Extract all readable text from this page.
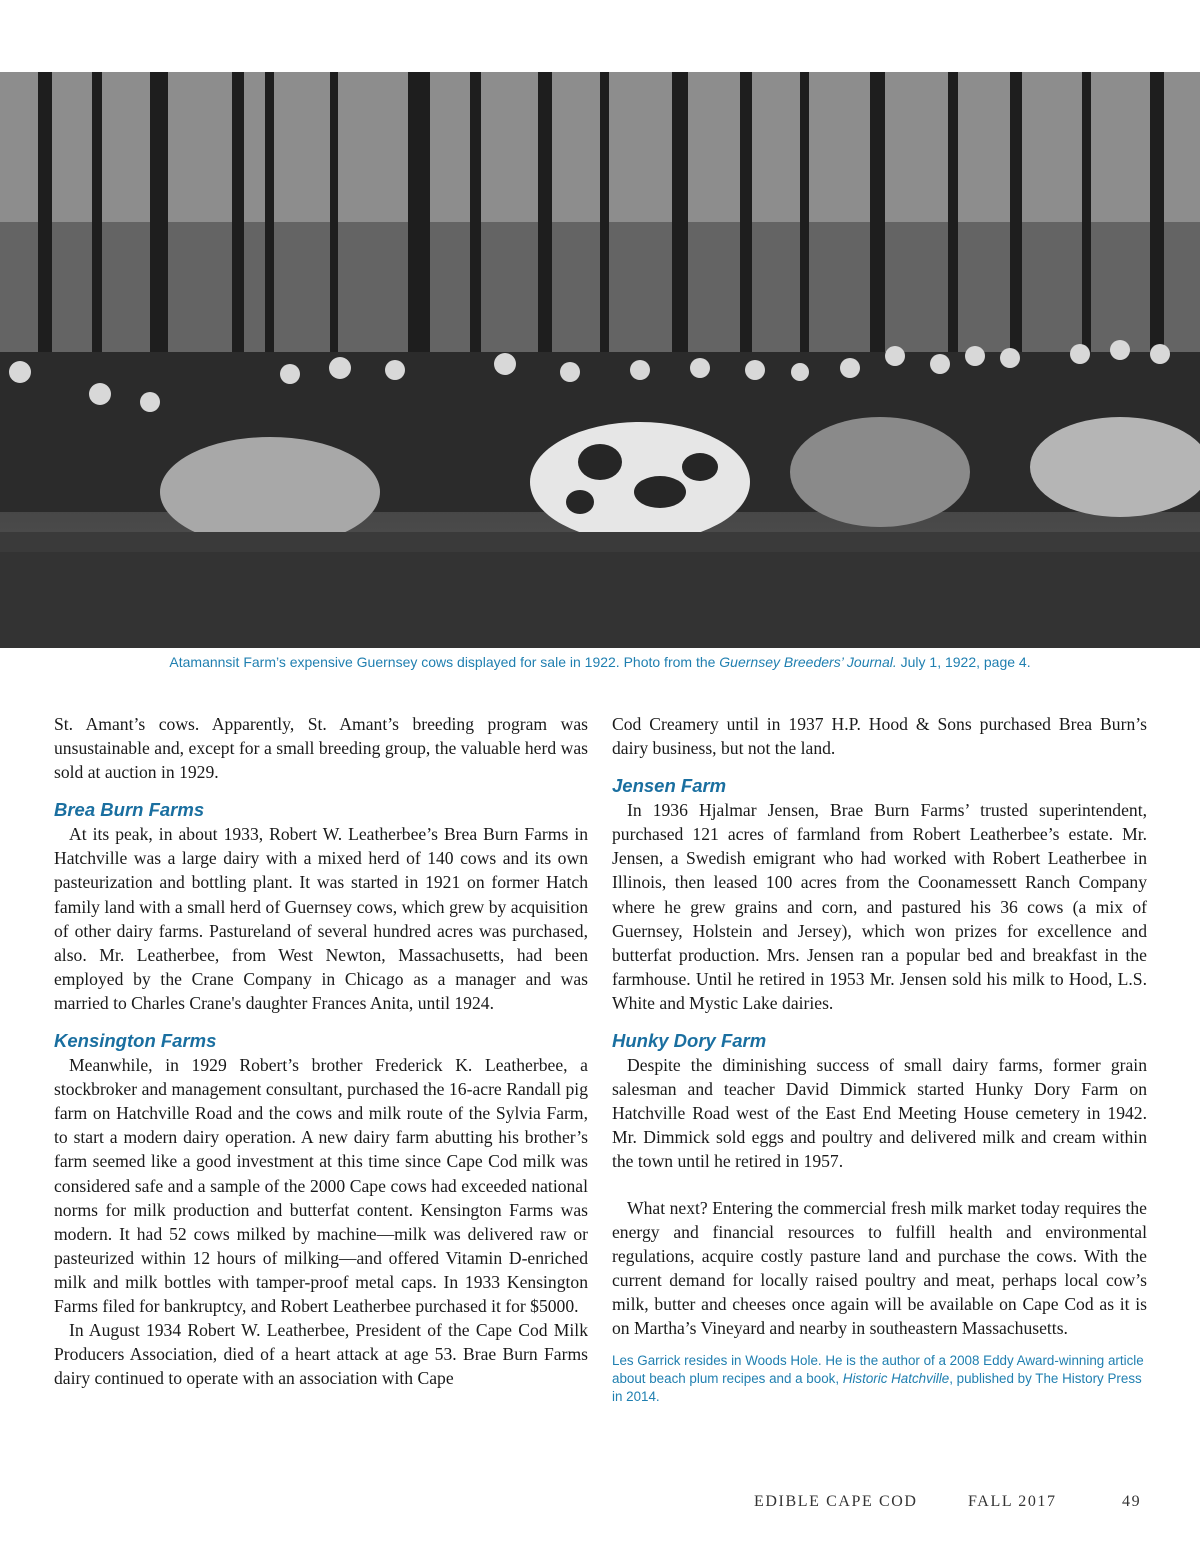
Atamannsit Farm’s expensive Guernsey cows displayed for sale in 1922. Photo from the Guernsey Breeders’ Journal. July 1, 1922, page 4.

St. Amant’s cows. Apparently, St. Amant’s breeding program was unsustainable and, except for a small breeding group, the valuable herd was sold at auction in 1929.

Brea Burn Farms

At its peak, in about 1933, Robert W. Leatherbee’s Brea Burn Farms in Hatchville was a large dairy with a mixed herd of 140 cows and its own pasteurization and bottling plant. It was started in 1921 on former Hatch family land with a small herd of Guernsey cows, which grew by acquisition of other dairy farms. Pastureland of several hundred acres was purchased, also. Mr. Leatherbee, from West Newton, Massachusetts, had been employed by the Crane Company in Chicago as a manager and was married to Charles Crane's daughter Frances Anita, until 1924.

Kensington Farms

Meanwhile, in 1929 Robert’s brother Frederick K. Leatherbee, a stockbroker and management consultant, purchased the 16-acre Randall pig farm on Hatchville Road and the cows and milk route of the Sylvia Farm, to start a modern dairy operation. A new dairy farm abutting his brother’s farm seemed like a good investment at this time since Cape Cod milk was considered safe and a sample of the 2000 Cape cows had exceeded national norms for milk production and butterfat content. Kensington Farms was modern. It had 52 cows milked by machine—milk was delivered raw or pasteurized within 12 hours of milking—and offered Vitamin D-enriched milk and milk bottles with tamper-proof metal caps. In 1933 Kensington Farms filed for bankruptcy, and Robert Leatherbee purchased it for $5000.

In August 1934 Robert W. Leatherbee, President of the Cape Cod Milk Producers Association, died of a heart attack at age 53. Brae Burn Farms dairy continued to operate with an association with Cape

Cod Creamery until in 1937 H.P. Hood & Sons purchased Brea Burn’s dairy business, but not the land.

Jensen Farm

In 1936 Hjalmar Jensen, Brae Burn Farms’ trusted superintendent, purchased 121 acres of farmland from Robert Leatherbee’s estate. Mr. Jensen, a Swedish emigrant who had worked with Robert Leatherbee in Illinois, then leased 100 acres from the Coonamessett Ranch Company where he grew grains and corn, and pastured his 36 cows (a mix of Guernsey, Holstein and Jersey), which won prizes for excellence and butterfat production. Mrs. Jensen ran a popular bed and breakfast in the farmhouse. Until he retired in 1953 Mr. Jensen sold his milk to Hood, L.S. White and Mystic Lake dairies.

Hunky Dory Farm

Despite the diminishing success of small dairy farms, former grain salesman and teacher David Dimmick started Hunky Dory Farm on Hatchville Road west of the East End Meeting House cemetery in 1942. Mr. Dimmick sold eggs and poultry and delivered milk and cream within the town until he retired in 1957.

What next? Entering the commercial fresh milk market today requires the energy and financial resources to fulfill health and environmental regulations, acquire costly pasture land and purchase the cows. With the current demand for locally raised poultry and meat, perhaps local cow’s milk, butter and cheeses once again will be available on Cape Cod as it is on Martha’s Vineyard and nearby in southeastern Massachusetts.

Les Garrick resides in Woods Hole. He is the author of a 2008 Eddy Award-winning article about beach plum recipes and a book, Historic Hatchville, published by The History Press in 2014.

EDIBLE CAPE COD	FALL 2017	49
